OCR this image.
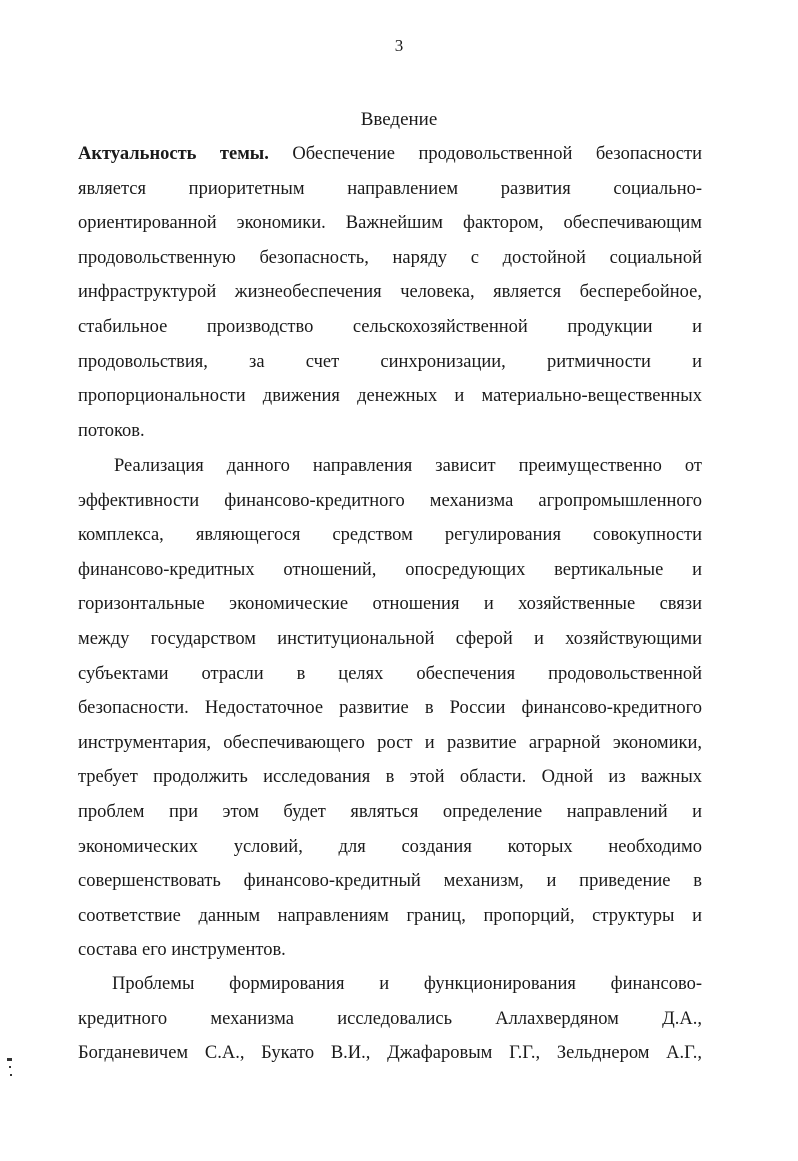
3
Введение
Актуальность темы. Обеспечение продовольственной безопасности
является приоритетным направлением развития социально-
ориентированной экономики. Важнейшим фактором, обеспечивающим
продовольственную безопасность, наряду с достойной социальной
инфраструктурой жизнеобеспечения человека, является бесперебойное,
стабильное производство сельскохозяйственной продукции и
продовольствия, за счет синхронизации, ритмичности и
пропорциональности движения денежных и материально-вещественных
потоков.
Реализация данного направления зависит преимущественно от
эффективности финансово-кредитного механизма агропромышленного
комплекса, являющегося средством регулирования совокупности
финансово-кредитных отношений, опосредующих вертикальные и
горизонтальные экономические отношения и хозяйственные связи
между государством институциональной сферой и хозяйствующими
субъектами отрасли в целях обеспечения продовольственной
безопасности. Недостаточное развитие в России финансово-кредитного
инструментария, обеспечивающего рост и развитие аграрной экономики,
требует продолжить исследования в этой области. Одной из важных
проблем при этом будет являться определение направлений и
экономических условий, для создания которых необходимо
совершенствовать финансово-кредитный механизм, и приведение в
соответствие данным направлениям границ, пропорций, структуры и
состава его инструментов.
Проблемы формирования и функционирования финансово-
кредитного механизма исследовались Аллахвердяном Д.А.,
Богданевичем С.А., Букато В.И., Джафаровым Г.Г., Зельднером А.Г.,
